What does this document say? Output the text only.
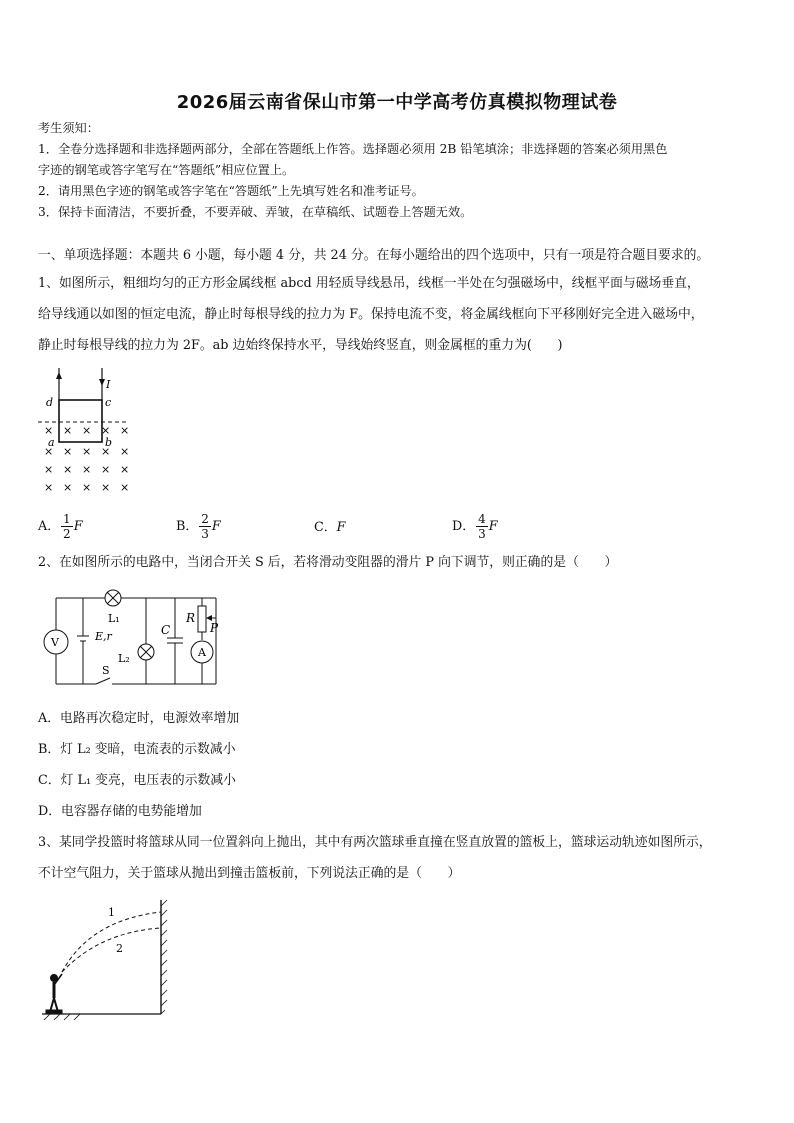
2026届云南省保山市第一中学高考仿真模拟物理试卷
考生须知：
1．全卷分选择题和非选择题两部分，全部在答题纸上作答。选择题必须用 2B 铅笔填涂；非选择题的答案必须用黑色
字迹的钢笔或答字笔写在“答题纸”相应位置上。
2．请用黑色字迹的钢笔或答字笔在“答题纸”上先填写姓名和准考证号。
3．保持卡面清洁，不要折叠，不要弄破、弄皱，在草稿纸、试题卷上答题无效。
一、单项选择题：本题共 6 小题，每小题 4 分，共 24 分。在每小题给出的四个选项中，只有一项是符合题目要求的。
1、如图所示，粗细均匀的正方形金属线框 abcd 用轻质导线悬吊，线框一半处在匀强磁场中，线框平面与磁场垂直，
给导线通以如图的恒定电流，静止时每根导线的拉力为 F。保持电流不变，将金属线框向下平移刚好完全进入磁场中，
静止时每根导线的拉力为 2F。ab 边始终保持水平，导线始终竖直，则金属框的重力为(　　)
I
d	c
a	b
× × × × ×
× × × × ×
× × × × ×
× × × × ×
A． $\frac{1}{2}$ F	B． $\frac{2}{3}$ F	C．F	D． $\frac{4}{3}$ F
2、在如图所示的电路中，当闭合开关 S 后，若将滑动变阻器的滑片 P 向下调节，则正确的是（　　）
V	E,r
L₁
L₂
C
R
P
A
S
A．电路再次稳定时，电源效率增加
B．灯 L₂ 变暗，电流表的示数减小
C．灯 L₁ 变亮，电压表的示数减小
D．电容器存储的电势能增加
3、某同学投篮时将篮球从同一位置斜向上抛出，其中有两次篮球垂直撞在竖直放置的篮板上，篮球运动轨迹如图所示，
不计空气阻力，关于篮球从抛出到撞击篮板前，下列说法正确的是（　　）
1
2
